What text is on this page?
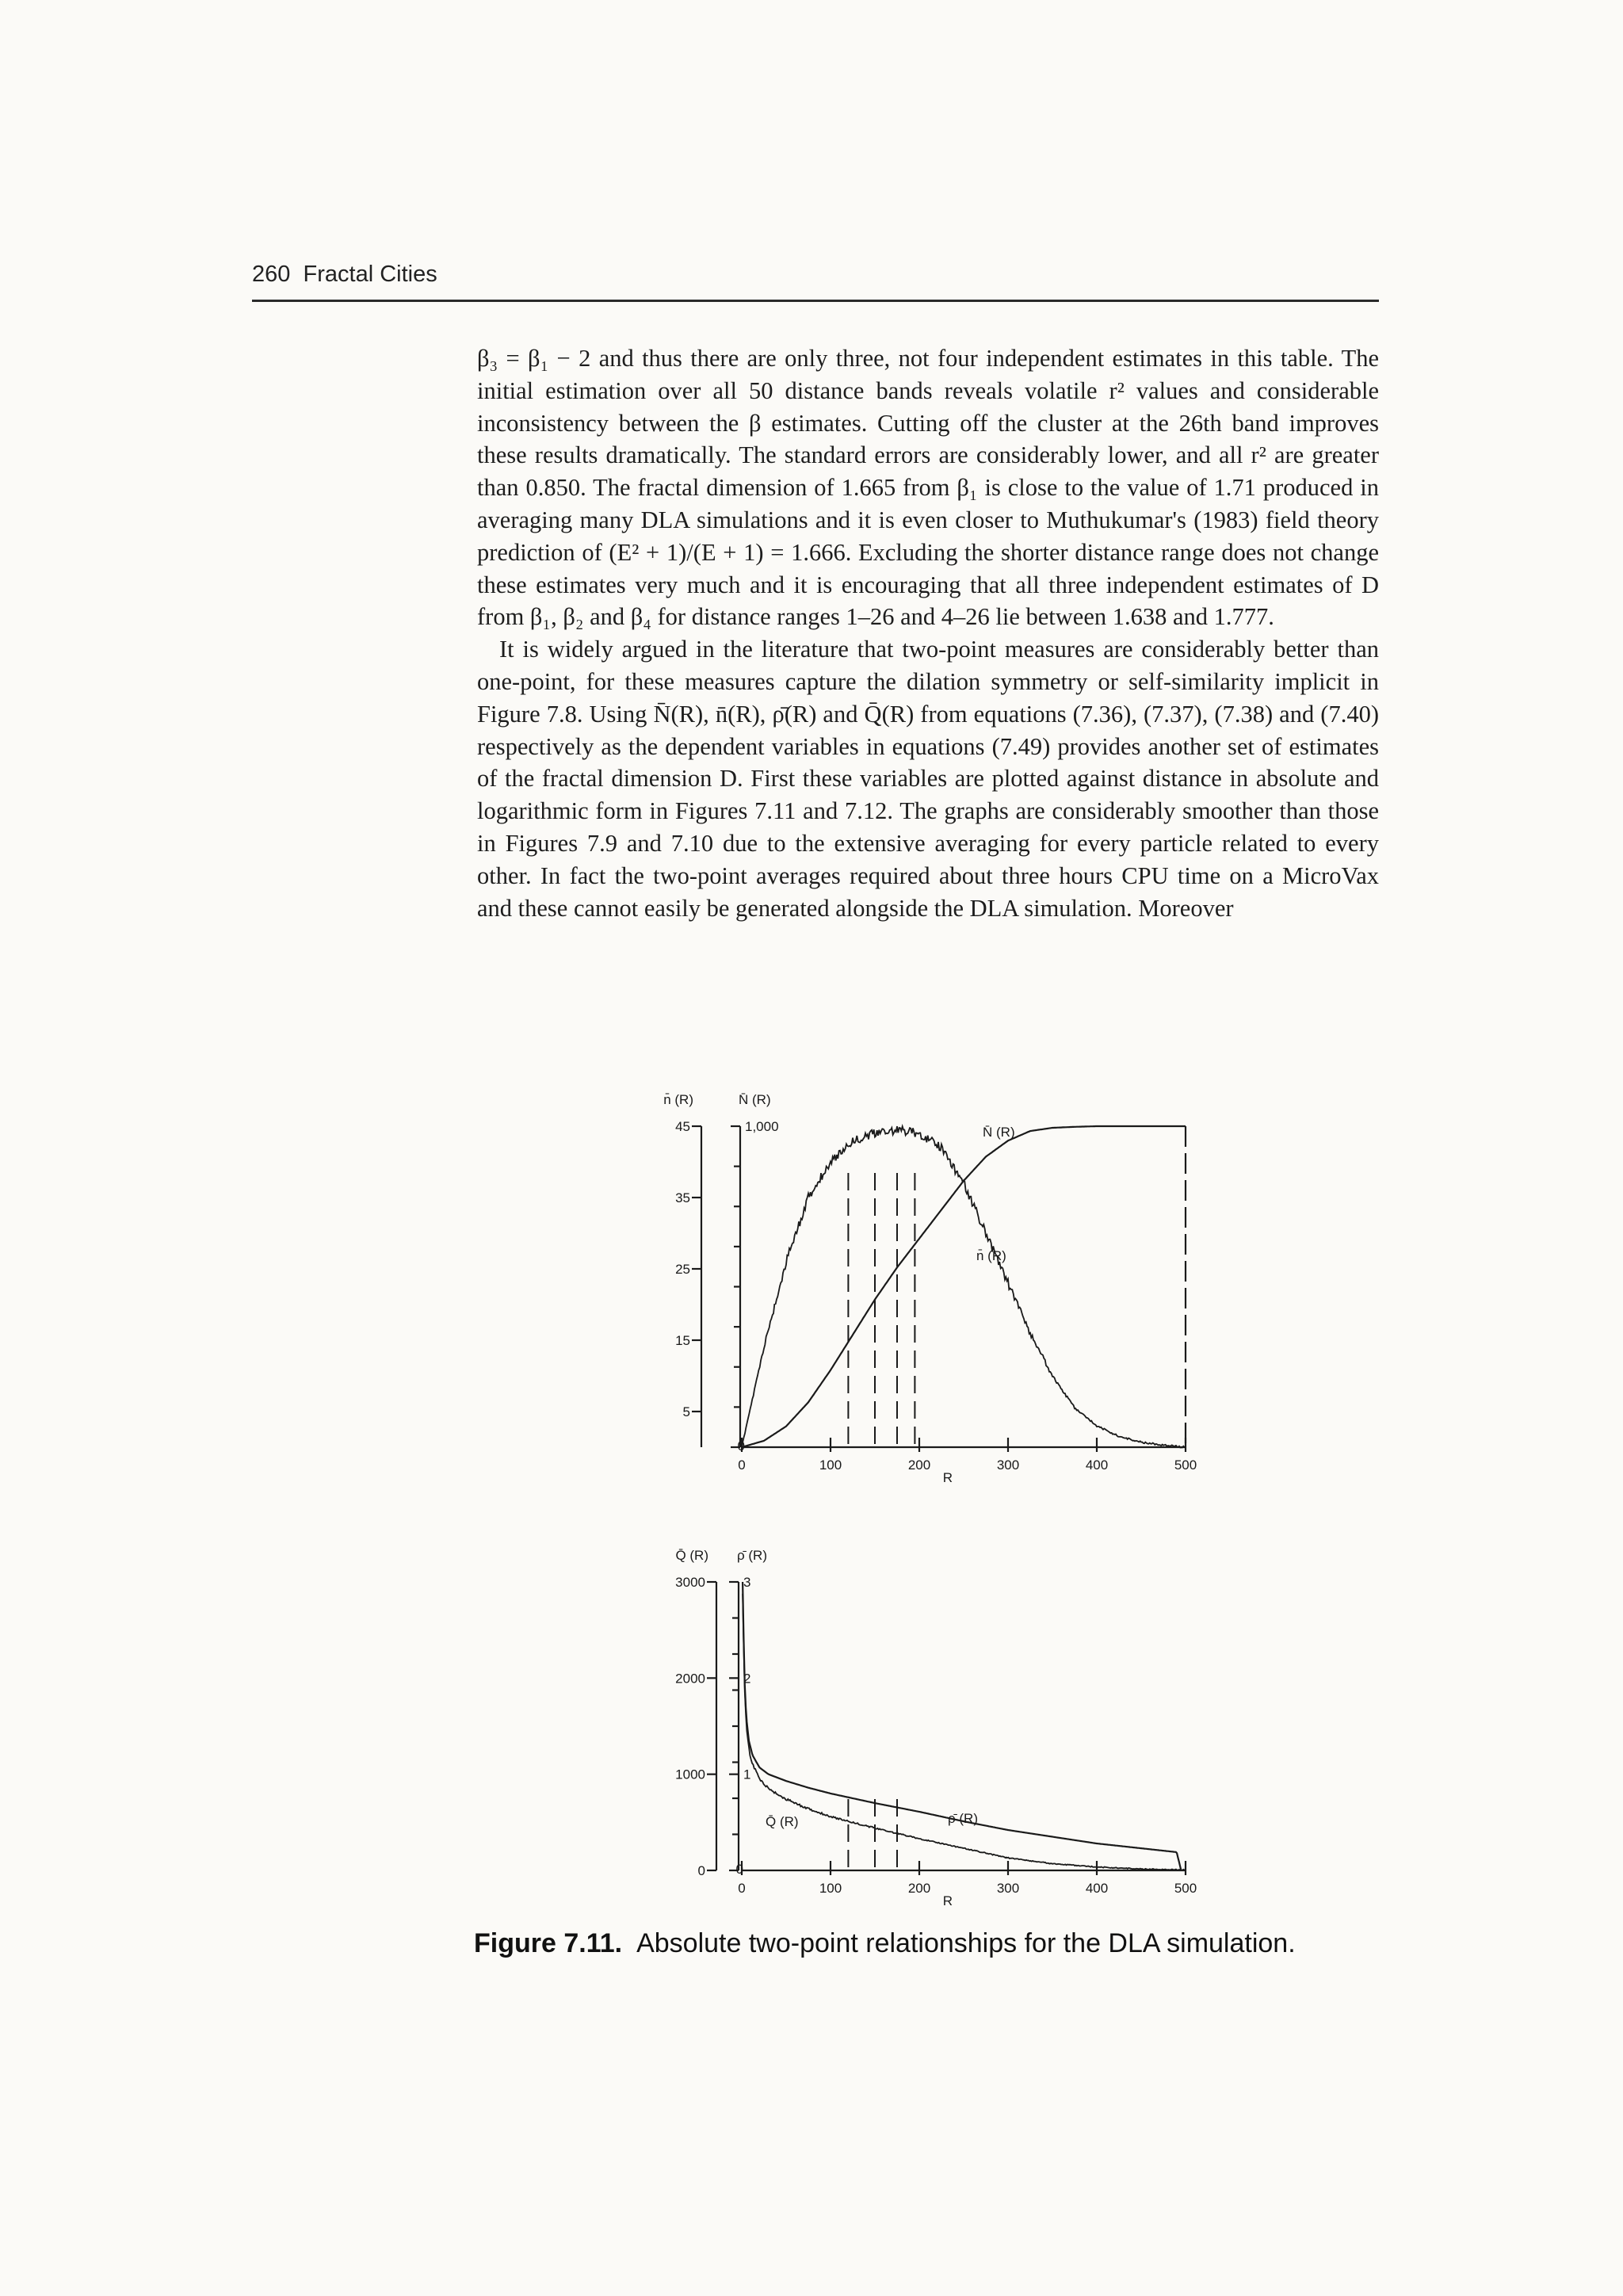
260 Fractal Cities

β₃ = β₁ − 2 and thus there are only three, not four independent estimates in this table. The initial estimation over all 50 distance bands reveals volatile r² values and considerable inconsistency between the β estimates. Cutting off the cluster at the 26th band improves these results dramatically. The standard errors are considerably lower, and all r² are greater than 0.850. The fractal dimension of 1.665 from β₁ is close to the value of 1.71 produced in averaging many DLA simulations and it is even closer to Muthukumar's (1983) field theory prediction of (E² + 1)/(E + 1) = 1.666. Excluding the shorter distance range does not change these estimates very much and it is encouraging that all three independent estimates of D from β₁, β₂ and β₄ for distance ranges 1–26 and 4–26 lie between 1.638 and 1.777.

It is widely argued in the literature that two-point measures are considerably better than one-point, for these measures capture the dilation symmetry or self-similarity implicit in Figure 7.8. Using N̄(R), n̄(R), ρ̄(R) and Q̄(R) from equations (7.36), (7.37), (7.38) and (7.40) respectively as the dependent variables in equations (7.49) provides another set of estimates of the fractal dimension D. First these variables are plotted against distance in absolute and logarithmic form in Figures 7.11 and 7.12. The graphs are considerably smoother than those in Figures 7.9 and 7.10 due to the extensive averaging for every particle related to every other. In fact the two-point averages required about three hours CPU time on a MicroVax and these cannot easily be generated alongside the DLA simulation. Moreover

n̄ (R)
45
35
25
15
5
N̄ (R)
1,000
0
0	100	200	300	400	500
R
N̄ (R)
n̄ (R)
Q̄ (R)
3000
2000
1000
0
ρ̄ (R)
3
2
1
0
0	100	200	300	400	500
R
ρ̄ (R)
Q̄ (R)
Figure 7.11. Absolute two-point relationships for the DLA simulation.
